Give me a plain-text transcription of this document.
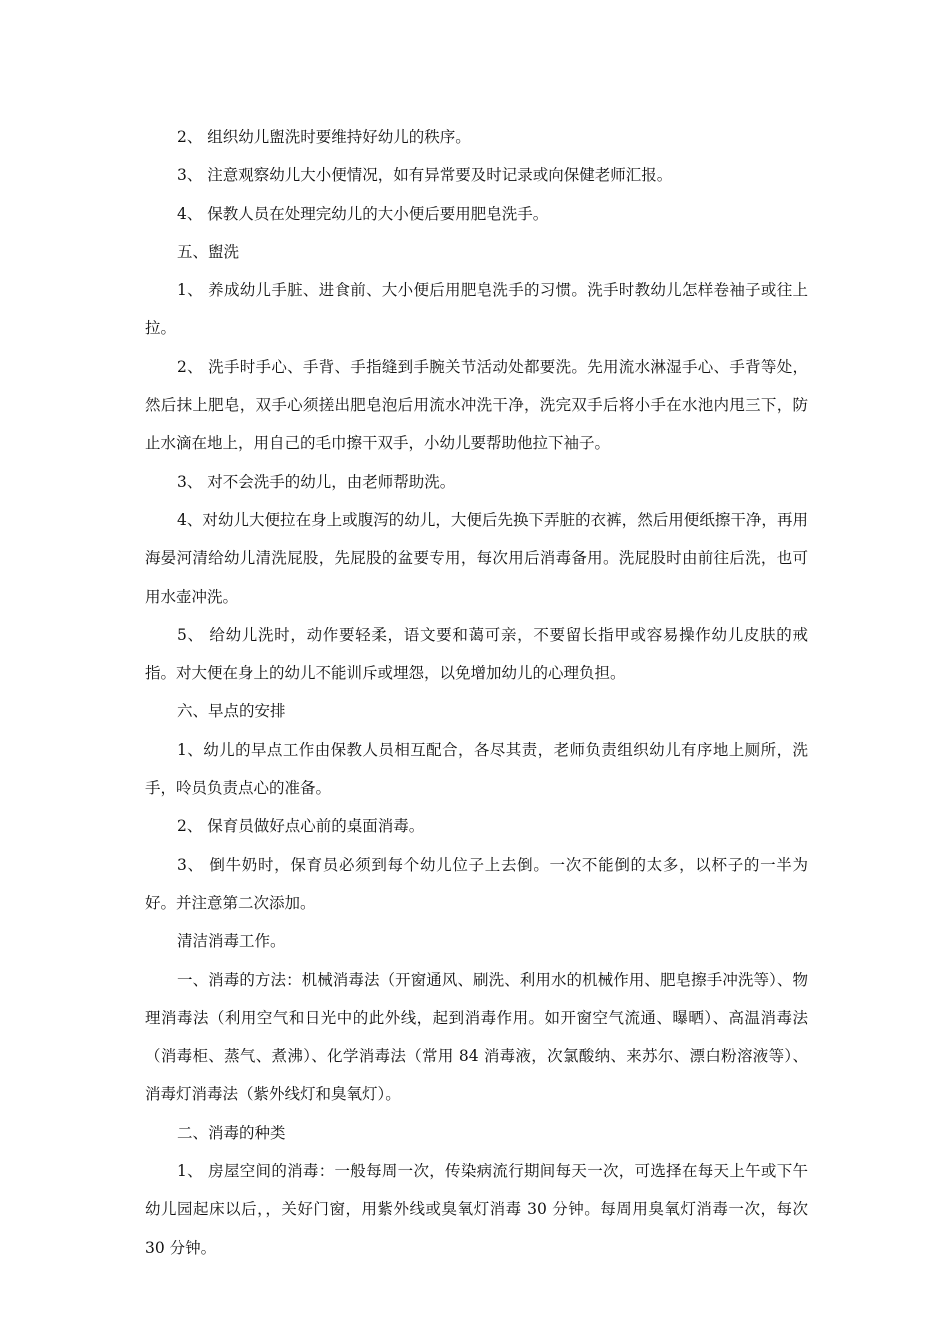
2、 组织幼儿盥洗时要维持好幼儿的秩序。

3、 注意观察幼儿大小便情况，如有异常要及时记录或向保健老师汇报。

4、 保教人员在处理完幼儿的大小便后要用肥皂洗手。

五、盥洗

1、 养成幼儿手脏、进食前、大小便后用肥皂洗手的习惯。洗手时教幼儿怎样卷袖子或往上拉。

2、 洗手时手心、手背、手指缝到手腕关节活动处都要洗。先用流水淋湿手心、手背等处，然后抹上肥皂，双手心须搓出肥皂泡后用流水冲洗干净，洗完双手后将小手在水池内甩三下，防止水滴在地上，用自己的毛巾擦干双手，小幼儿要帮助他拉下袖子。

3、 对不会洗手的幼儿，由老师帮助洗。

4、对幼儿大便拉在身上或腹泻的幼儿，大便后先换下弄脏的衣裤，然后用便纸擦干净，再用海晏河清给幼儿清洗屁股，先屁股的盆要专用，每次用后消毒备用。洗屁股时由前往后洗，也可用水壶冲洗。

5、 给幼儿洗时，动作要轻柔，语文要和蔼可亲，不要留长指甲或容易操作幼儿皮肤的戒指。对大便在身上的幼儿不能训斥或埋怨，以免增加幼儿的心理负担。

六、早点的安排

1、幼儿的早点工作由保教人员相互配合，各尽其责，老师负责组织幼儿有序地上厕所，洗手，呤员负责点心的准备。

2、 保育员做好点心前的桌面消毒。

3、 倒牛奶时，保育员必须到每个幼儿位子上去倒。一次不能倒的太多，以杯子的一半为好。并注意第二次添加。

清洁消毒工作。

一、消毒的方法：机械消毒法（开窗通风、刷洗、利用水的机械作用、肥皂擦手冲洗等）、物理消毒法（利用空气和日光中的此外线，起到消毒作用。如开窗空气流通、曝晒）、高温消毒法（消毒柜、蒸气、煮沸）、化学消毒法（常用 84 消毒液，次氯酸纳、来苏尔、漂白粉溶液等）、消毒灯消毒法（紫外线灯和臭氧灯）。

二、消毒的种类

1、 房屋空间的消毒：一般每周一次，传染病流行期间每天一次，可选择在每天上午或下午 幼儿园起床以后，，关好门窗，用紫外线或臭氧灯消毒 30 分钟。每周用臭氧灯消毒一次，每次 30 分钟。
